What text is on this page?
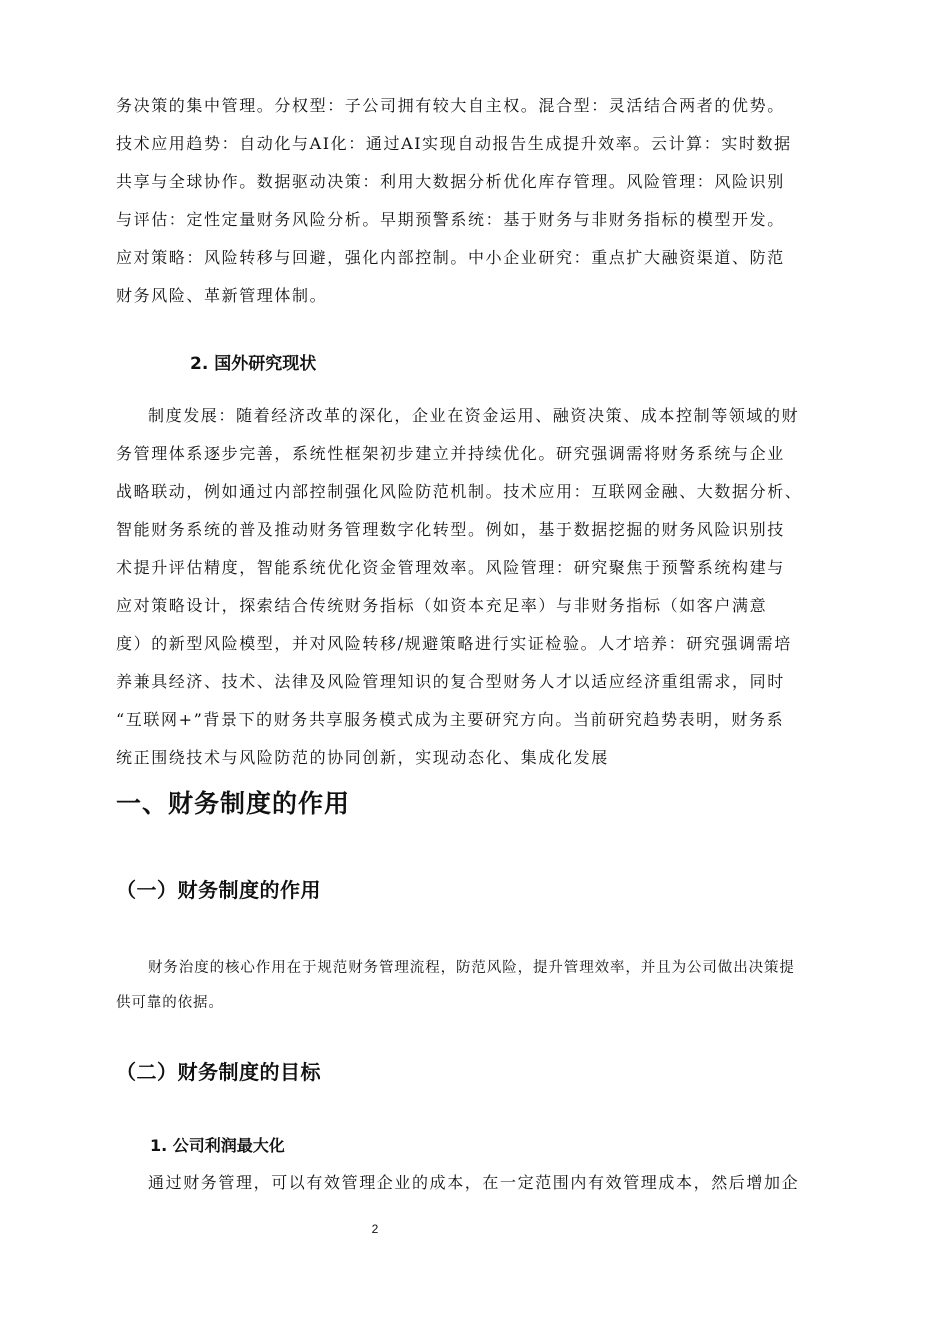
务决策的集中管理。分权型：子公司拥有较大自主权。混合型：灵活结合两者的优势。
技术应用趋势：自动化与AI化：通过AI实现自动报告生成提升效率。云计算：实时数据
共享与全球协作。数据驱动决策：利用大数据分析优化库存管理。风险管理：风险识别
与评估：定性定量财务风险分析。早期预警系统：基于财务与非财务指标的模型开发。
应对策略：风险转移与回避，强化内部控制。中小企业研究：重点扩大融资渠道、防范
财务风险、革新管理体制。
2. 国外研究现状
制度发展：随着经济改革的深化，企业在资金运用、融资决策、成本控制等领域的财
务管理体系逐步完善，系统性框架初步建立并持续优化。研究强调需将财务系统与企业
战略联动，例如通过内部控制强化风险防范机制。技术应用：互联网金融、大数据分析、
智能财务系统的普及推动财务管理数字化转型。例如，基于数据挖掘的财务风险识别技
术提升评估精度，智能系统优化资金管理效率。风险管理：研究聚焦于预警系统构建与
应对策略设计，探索结合传统财务指标（如资本充足率）与非财务指标（如客户满意
度）的新型风险模型，并对风险转移/规避策略进行实证检验。人才培养：研究强调需培
养兼具经济、技术、法律及风险管理知识的复合型财务人才以适应经济重组需求，同时
“互联网+”背景下的财务共享服务模式成为主要研究方向。当前研究趋势表明，财务系
统正围绕技术与风险防范的协同创新，实现动态化、集成化发展
一、财务制度的作用
（一）财务制度的作用
财务治度的核心作用在于规范财务管理流程，防范风险，提升管理效率，并且为公司做出决策提
供可靠的依据。
（二）财务制度的目标
1. 公司利润最大化
通过财务管理，可以有效管理企业的成本，在一定范围内有效管理成本，然后增加企
2
